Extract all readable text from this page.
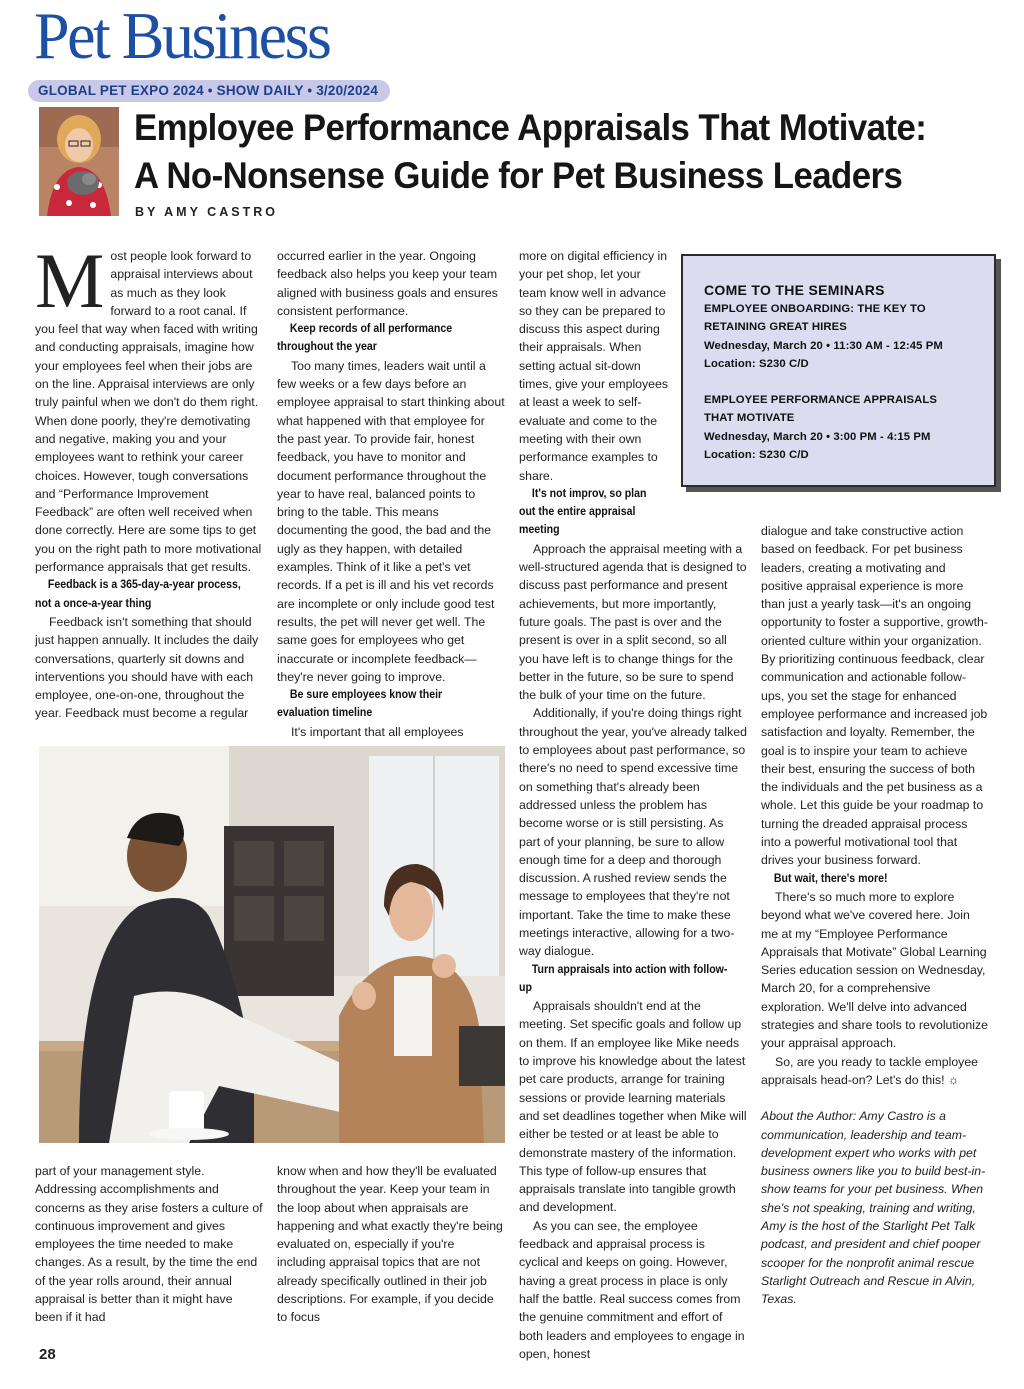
Pet Business
GLOBAL PET EXPO 2024 • SHOW DAILY • 3/20/2024
Employee Performance Appraisals That Motivate:
A No-Nonsense Guide for Pet Business Leaders
BY AMY CASTRO

Most people look forward to appraisal interviews about as much as they look forward to a root canal. If you feel that way when faced with writing and conducting appraisals, imagine how your employees feel when their jobs are on the line. Appraisal interviews are only truly painful when we don't do them right. When done poorly, they're demotivating and negative, making you and your employees want to rethink your career choices. However, tough conversations and “Performance Improvement Feedback” are often well received when done correctly. Here are some tips to get you on the right path to more motivational performance appraisals that get results.

Feedback is a 365-day-a-year process, not a once-a-year thing

Feedback isn't something that should just happen annually. It includes the daily conversations, quarterly sit downs and interventions you should have with each employee, one-on-one, throughout the year. Feedback must become a regular

occurred earlier in the year. Ongoing feedback also helps you keep your team aligned with business goals and ensures consistent performance.

Keep records of all performance throughout the year

Too many times, leaders wait until a few weeks or a few days before an employee appraisal to start thinking about what happened with that employee for the past year. To provide fair, honest feedback, you have to monitor and document performance throughout the year to have real, balanced points to bring to the table. This means documenting the good, the bad and the ugly as they happen, with detailed examples. Think of it like a pet's vet records. If a pet is ill and his vet records are incomplete or only include good test results, the pet will never get well. The same goes for employees who get inaccurate or incomplete feedback—they're never going to improve.

Be sure employees know their evaluation timeline

It's important that all employees

part of your management style. Addressing accomplishments and concerns as they arise fosters a culture of continuous improvement and gives employees the time needed to make changes. As a result, by the time the end of the year rolls around, their annual appraisal is better than it might have been if it had

know when and how they'll be evaluated throughout the year. Keep your team in the loop about when appraisals are happening and what exactly they're being evaluated on, especially if you're including appraisal topics that are not already specifically outlined in their job descriptions. For example, if you decide to focus

more on digital efficiency in your pet shop, let your team know well in advance so they can be prepared to discuss this aspect during their appraisals. When setting actual sit-down times, give your employees at least a week to self-evaluate and come to the meeting with their own performance examples to share.

It's not improv, so plan out the entire appraisal meeting

Approach the appraisal meeting with a well-structured agenda that is designed to discuss past performance and present achievements, but more importantly, future goals. The past is over and the present is over in a split second, so all you have left is to change things for the better in the future, so be sure to spend the bulk of your time on the future.

Additionally, if you're doing things right throughout the year, you've already talked to employees about past performance, so there's no need to spend excessive time on something that's already been addressed unless the problem has become worse or is still persisting. As part of your planning, be sure to allow enough time for a deep and thorough discussion. A rushed review sends the message to employees that they're not important. Take the time to make these meetings interactive, allowing for a two-way dialogue.

Turn appraisals into action with follow-up

Appraisals shouldn't end at the meeting. Set specific goals and follow up on them. If an employee like Mike needs to improve his knowledge about the latest pet care products, arrange for training sessions or provide learning materials and set deadlines together when Mike will either be tested or at least be able to demonstrate mastery of the information. This type of follow-up ensures that appraisals translate into tangible growth and development.

As you can see, the employee feedback and appraisal process is cyclical and keeps on going. However, having a great process in place is only half the battle. Real success comes from the genuine commitment and effort of both leaders and employees to engage in open, honest

COME TO THE SEMINARS
EMPLOYEE ONBOARDING: THE KEY TO
RETAINING GREAT HIRES
Wednesday, March 20 • 11:30 AM - 12:45 PM
Location: S230 C/D
EMPLOYEE PERFORMANCE APPRAISALS
THAT MOTIVATE
Wednesday, March 20 • 3:00 PM - 4:15 PM
Location: S230 C/D

dialogue and take constructive action based on feedback. For pet business leaders, creating a motivating and positive appraisal experience is more than just a yearly task—it's an ongoing opportunity to foster a supportive, growth-oriented culture within your organization. By prioritizing continuous feedback, clear communication and actionable follow-ups, you set the stage for enhanced employee performance and increased job satisfaction and loyalty. Remember, the goal is to inspire your team to achieve their best, ensuring the success of both the individuals and the pet business as a whole. Let this guide be your roadmap to turning the dreaded appraisal process into a powerful motivational tool that drives your business forward.

But wait, there's more!

There's so much more to explore beyond what we've covered here. Join me at my “Employee Performance Appraisals that Motivate” Global Learning Series education session on Wednesday, March 20, for a comprehensive exploration. We'll delve into advanced strategies and share tools to revolutionize your appraisal approach.

So, are you ready to tackle employee appraisals head-on? Let's do this! ☼

About the Author: Amy Castro is a communication, leadership and team-development expert who works with pet business owners like you to build best-in-show teams for your pet business. When she's not speaking, training and writing, Amy is the host of the Starlight Pet Talk podcast, and president and chief pooper scooper for the nonprofit animal rescue Starlight Outreach and Rescue in Alvin, Texas.

28
